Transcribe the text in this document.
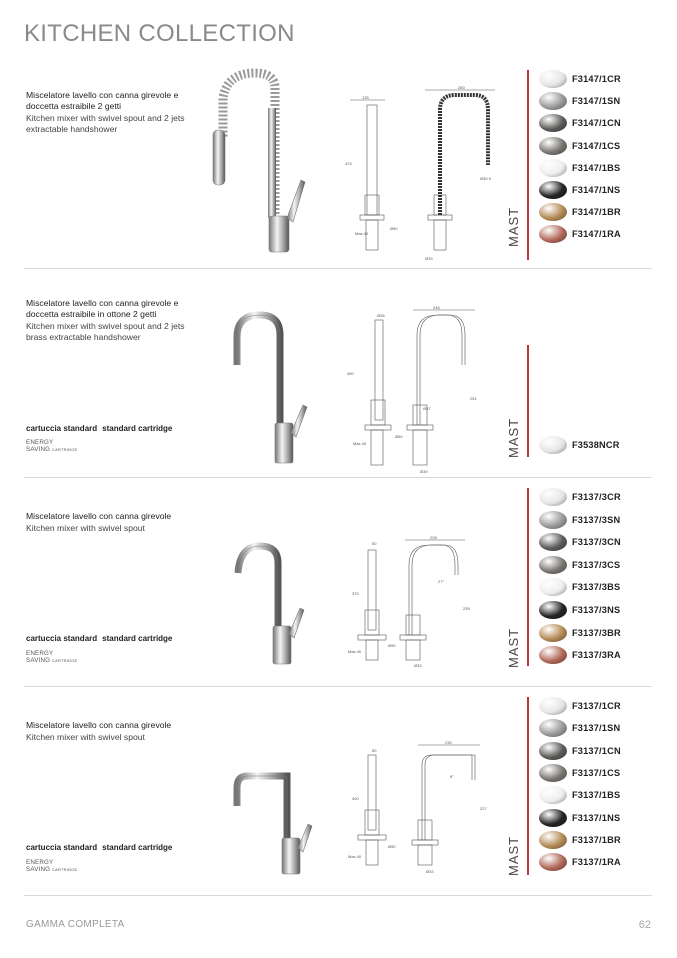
KITCHEN COLLECTION
Miscelatore lavello con canna girevole e doccetta estraibile 2 getti
Kitchen mixer with swivel spout and 2 jets extractable handshower
135
474
280
Ø30.9
Ø50
Max.40
Ø33
MAST
F3147/1CR
F3147/1SN
F3147/1CN
F3147/1CS
F3147/1BS
F3147/1NS
F3147/1BR
F3147/1RA
Miscelatore lavello con canna girevole e doccetta estraibile in ottone 2 getti
Kitchen mixer with swivel spout and 2 jets brass extractable handshower
cartuccia standard standard cartridge
ENERGY
SAVING CARTRIDGE
Ø28
450
246
251
Ø57
Ø50
Max.40
Ø39
MAST	F3538NCR
Miscelatore lavello con canna girevole
Kitchen mixer with swivel spout
cartuccia standard standard cartridge
ENERGY
SAVING CARTRIDGE
50
370
226
27°
235
Ø50
Max.40
Ø33	MAST
F3137/3CR
F3137/3SN
F3137/3CN
F3137/3CS
F3137/3BS
F3137/3NS
F3137/3BR
F3137/3RA
Miscelatore lavello con canna girevole
Kitchen mixer with swivel spout
cartuccia standard standard cartridge
ENERGY
SAVING CARTRIDGE
50
300
230
6°
227
Ø50
Max.40
Ø33	MAST
F3137/1CR
F3137/1SN
F3137/1CN
F3137/1CS
F3137/1BS
F3137/1NS
F3137/1BR
F3137/1RA
GAMMA COMPLETA	62
